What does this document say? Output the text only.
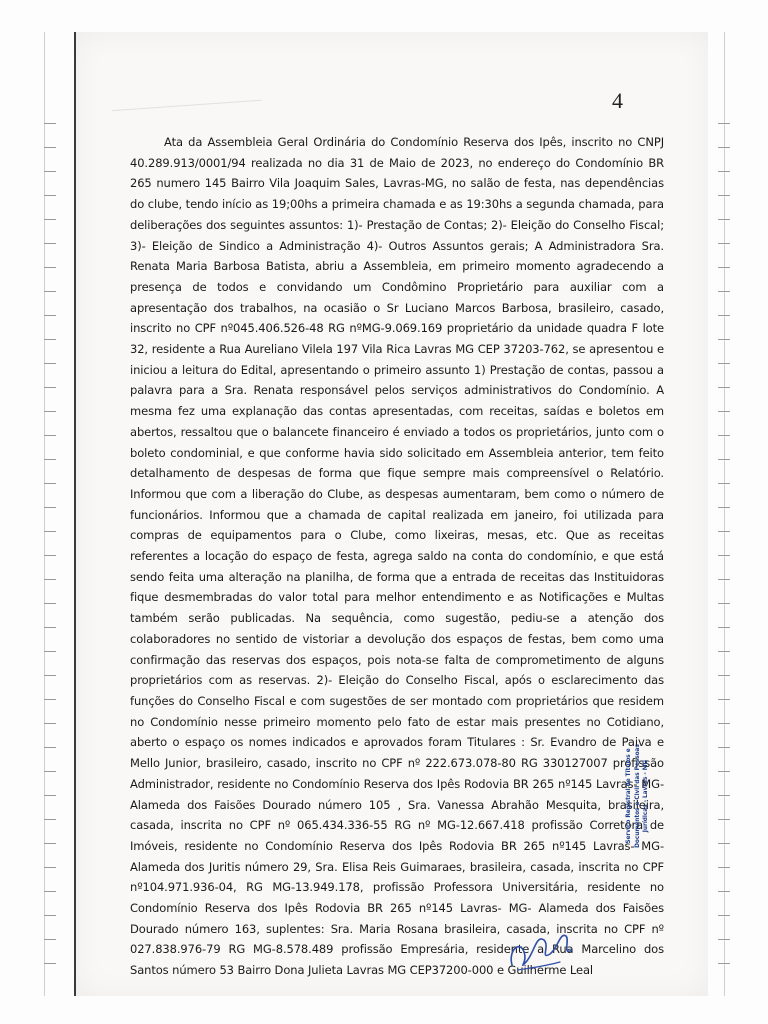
4

Ata da Assembleia Geral Ordinária do Condomínio Reserva dos Ipês, inscrito no CNPJ 40.289.913/0001/94 realizada no dia 31 de Maio de 2023, no endereço do Condomínio BR 265 numero 145 Bairro Vila Joaquim Sales, Lavras-MG, no salão de festa, nas dependências do clube, tendo início as 19;00hs a primeira chamada e as 19:30hs a segunda chamada, para deliberações dos seguintes assuntos: 1)- Prestação de Contas; 2)- Eleição do Conselho Fiscal; 3)- Eleição de Sindico a Administração 4)- Outros Assuntos gerais; A Administradora Sra. Renata Maria Barbosa Batista, abriu a Assembleia, em primeiro momento agradecendo a presença de todos e convidando um Condômino Proprietário para auxiliar com a apresentação dos trabalhos, na ocasião o Sr Luciano Marcos Barbosa, brasileiro, casado, inscrito no CPF nº045.406.526-48 RG nºMG-9.069.169 proprietário da unidade quadra F lote 32, residente a Rua Aureliano Vilela 197 Vila Rica Lavras MG CEP 37203-762, se apresentou e iniciou a leitura do Edital, apresentando o primeiro assunto 1) Prestação de contas, passou a palavra para a Sra. Renata responsável pelos serviços administrativos do Condomínio. A mesma fez uma explanação das contas apresentadas, com receitas, saídas e boletos em abertos, ressaltou que o balancete financeiro é enviado a todos os proprietários, junto com o boleto condominial, e que conforme havia sido solicitado em Assembleia anterior, tem feito detalhamento de despesas de forma que fique sempre mais compreensível o Relatório. Informou que com a liberação do Clube, as despesas aumentaram, bem como o número de funcionários. Informou que a chamada de capital realizada em janeiro, foi utilizada para compras de equipamentos para o Clube, como lixeiras, mesas, etc. Que as receitas referentes a locação do espaço de festa, agrega saldo na conta do condomínio, e que está sendo feita uma alteração na planilha, de forma que a entrada de receitas das Instituidoras fique desmembradas do valor total para melhor entendimento e as Notificações e Multas também serão publicadas. Na sequência, como sugestão, pediu-se a atenção dos colaboradores no sentido de vistoriar a devolução dos espaços de festas, bem como uma confirmação das reservas dos espaços, pois nota-se falta de comprometimento de alguns proprietários com as reservas. 2)- Eleição do Conselho Fiscal, após o esclarecimento das funções do Conselho Fiscal e com sugestões de ser montado com proprietários que residem no Condomínio nesse primeiro momento pelo fato de estar mais presentes no Cotidiano, aberto o espaço os nomes indicados e aprovados foram Titulares : Sr. Evandro de Paiva e Mello Junior, brasileiro, casado, inscrito no CPF nº 222.673.078-80 RG 330127007 profissão Administrador, residente no Condomínio Reserva dos Ipês Rodovia BR 265 nº145 Lavras- MG- Alameda dos Faisões Dourado número 105 , Sra. Vanessa Abrahão Mesquita, brasileira, casada, inscrita no CPF nº 065.434.336-55 RG nº MG-12.667.418 profissão Corretora de Imóveis, residente no Condomínio Reserva dos Ipês Rodovia BR 265 nº145 Lavras- MG- Alameda dos Juritis número 29, Sra. Elisa Reis Guimaraes, brasileira, casada, inscrita no CPF nº104.971.936-04, RG MG-13.949.178, profissão Professora Universitária, residente no Condomínio Reserva dos Ipês Rodovia BR 265 nº145 Lavras- MG- Alameda dos Faisões Dourado número 163, suplentes: Sra. Maria Rosana brasileira, casada, inscrita no CPF nº 027.838.976-79 RG MG-8.578.489 profissão Empresária, residente a Rua Marcelino dos Santos número 53 Bairro Dona Julieta Lavras MG CEP37200-000 e Guilherme Leal

Serviço Registral de Títulos e Documentos e Civil das Pessoas Jurídicas - Lavras - MG
